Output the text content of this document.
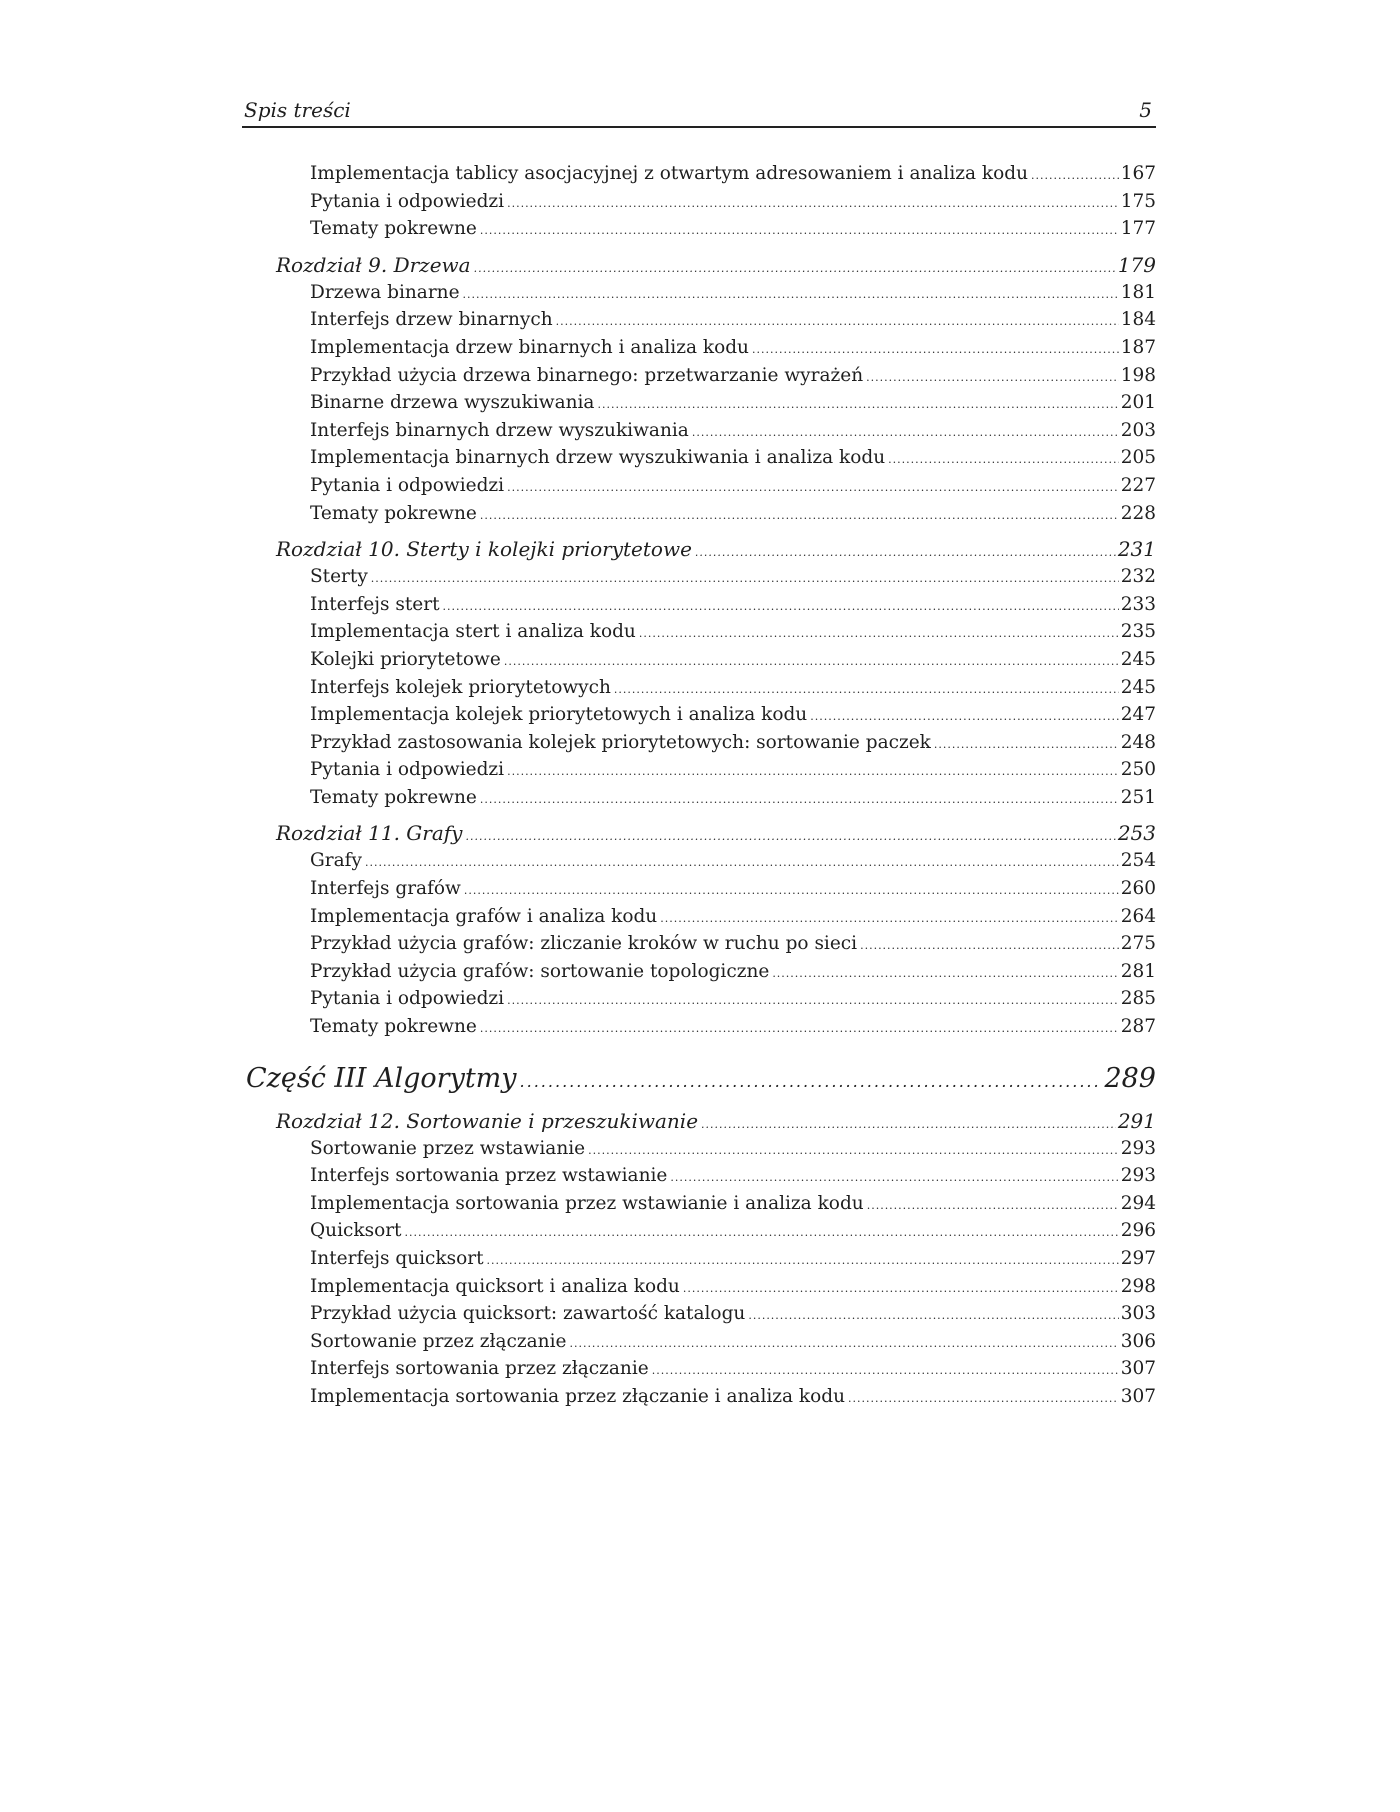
Spis treści	5
Implementacja tablicy asocjacyjnej z otwartym adresowaniem i analiza kodu .....	167
Pytania i odpowiedzi .....	175
Tematy pokrewne .....	177
Rozdział 9. Drzewa .....	179
Drzewa binarne .....	181
Interfejs drzew binarnych .....	184
Implementacja drzew binarnych i analiza kodu .....	187
Przykład użycia drzewa binarnego: przetwarzanie wyrażeń .....	198
Binarne drzewa wyszukiwania .....	201
Interfejs binarnych drzew wyszukiwania .....	203
Implementacja binarnych drzew wyszukiwania i analiza kodu .....	205
Pytania i odpowiedzi .....	227
Tematy pokrewne .....	228
Rozdział 10. Sterty i kolejki priorytetowe .....	231
Sterty .....	232
Interfejs stert .....	233
Implementacja stert i analiza kodu .....	235
Kolejki priorytetowe .....	245
Interfejs kolejek priorytetowych .....	245
Implementacja kolejek priorytetowych i analiza kodu .....	247
Przykład zastosowania kolejek priorytetowych: sortowanie paczek .....	248
Pytania i odpowiedzi .....	250
Tematy pokrewne .....	251
Rozdział 11. Grafy .....	253
Grafy .....	254
Interfejs grafów .....	260
Implementacja grafów i analiza kodu .....	264
Przykład użycia grafów: zliczanie kroków w ruchu po sieci .....	275
Przykład użycia grafów: sortowanie topologiczne .....	281
Pytania i odpowiedzi .....	285
Tematy pokrewne .....	287
Część III Algorytmy .....	289
Rozdział 12. Sortowanie i przeszukiwanie .....	291
Sortowanie przez wstawianie .....	293
Interfejs sortowania przez wstawianie .....	293
Implementacja sortowania przez wstawianie i analiza kodu .....	294
Quicksort .....	296
Interfejs quicksort .....	297
Implementacja quicksort i analiza kodu .....	298
Przykład użycia quicksort: zawartość katalogu .....	303
Sortowanie przez złączanie .....	306
Interfejs sortowania przez złączanie .....	307
Implementacja sortowania przez złączanie i analiza kodu .....	307
